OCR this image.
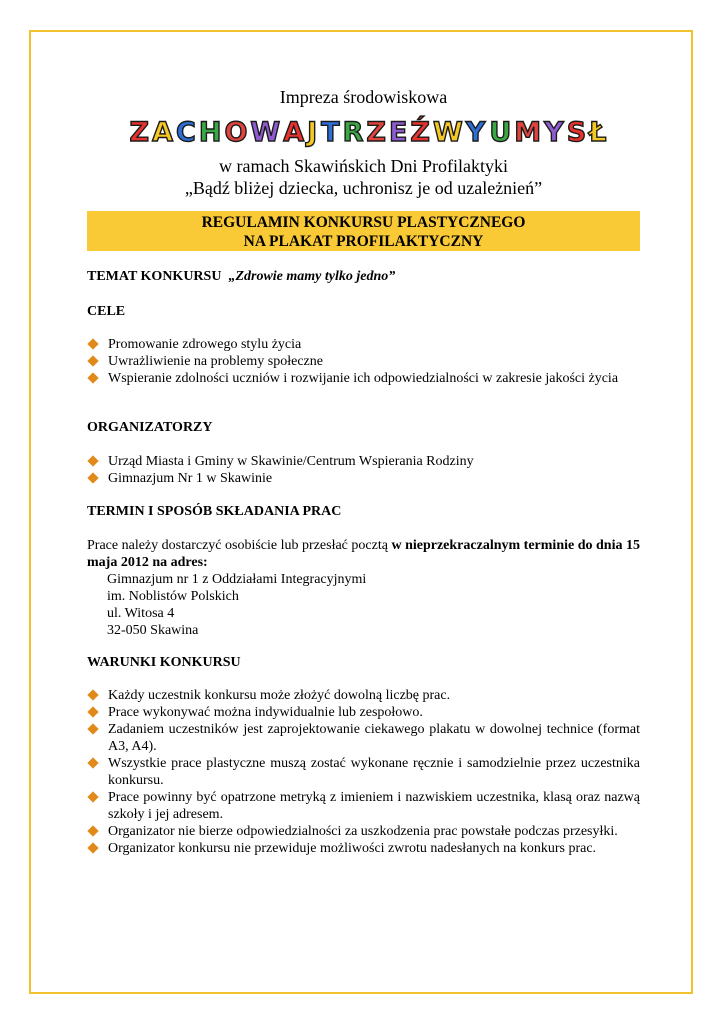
Impreza środowiskowa
Z A C H O W A J T R Z E Ź W Y U M Y S Ł
w ramach Skawińskich Dni Profilaktyki
„Bądź bliżej dziecka, uchronisz je od uzależnień”
REGULAMIN KONKURSU PLASTYCZNEGO
NA PLAKAT PROFILAKTYCZNY
TEMAT KONKURSU „Zdrowie mamy tylko jedno”
CELE
Promowanie zdrowego stylu życia
Uwrażliwienie na problemy społeczne
Wspieranie zdolności uczniów i rozwijanie ich odpowiedzialności w zakresie jakości życia
ORGANIZATORZY
Urząd Miasta i Gminy w Skawinie/Centrum Wspierania Rodziny
Gimnazjum Nr 1 w Skawinie
TERMIN I SPOSÓB SKŁADANIA PRAC
Prace należy dostarczyć osobiście lub przesłać pocztą w nieprzekraczalnym terminie do dnia 15 maja 2012 na adres:
Gimnazjum nr 1 z Oddziałami Integracyjnymi
im. Noblistów Polskich
ul. Witosa 4
32-050 Skawina
WARUNKI KONKURSU
Każdy uczestnik konkursu może złożyć dowolną liczbę prac.
Prace wykonywać można indywidualnie lub zespołowo.
Zadaniem uczestników jest zaprojektowanie ciekawego plakatu w dowolnej technice (format A3, A4).
Wszystkie prace plastyczne muszą zostać wykonane ręcznie i samodzielnie przez uczestnika konkursu.
Prace powinny być opatrzone metryką z imieniem i nazwiskiem uczestnika, klasą oraz nazwą szkoły i jej adresem.
Organizator nie bierze odpowiedzialności za uszkodzenia prac powstałe podczas przesyłki.
Organizator konkursu nie przewiduje możliwości zwrotu nadesłanych na konkurs prac.
